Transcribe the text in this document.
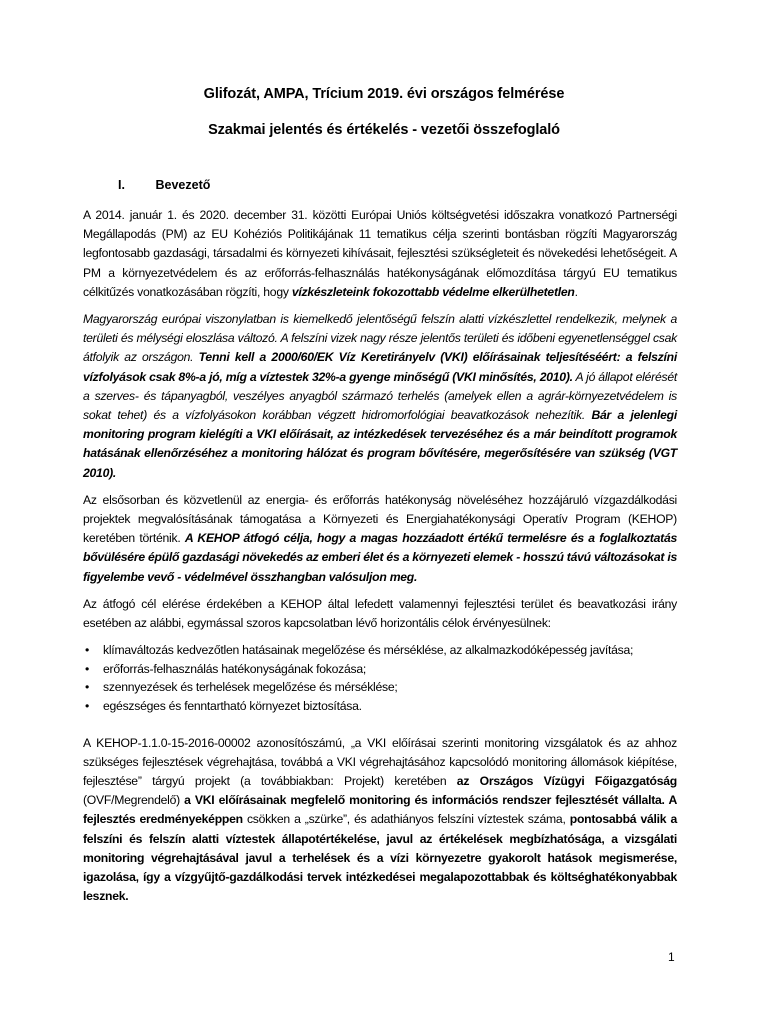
Glifozát, AMPA, Trícium 2019. évi országos felmérése
Szakmai jelentés és értékelés - vezetői összefoglaló
I. Bevezető

A 2014. január 1. és 2020. december 31. közötti Európai Uniós költségvetési időszakra vonatkozó Partnerségi Megállapodás (PM) az EU Kohéziós Politikájának 11 tematikus célja szerinti bontásban rögzíti Magyarország legfontosabb gazdasági, társadalmi és környezeti kihívásait, fejlesztési szükségleteit és növekedési lehetőségeit. A PM a környezetvédelem és az erőforrás-felhasználás hatékonyságának előmozdítása tárgyú EU tematikus célkitűzés vonatkozásában rögzíti, hogy vízkészleteink fokozottabb védelme elkerülhetetlen.

Magyarország európai viszonylatban is kiemelkedő jelentőségű felszín alatti vízkészlettel rendelkezik, melynek a területi és mélységi eloszlása változó. A felszíni vizek nagy része jelentős területi és időbeni egyenetlenséggel csak átfolyik az országon. Tenni kell a 2000/60/EK Víz Keretirányelv (VKI) előírásainak teljesítéséért: a felszíni vízfolyások csak 8%-a jó, míg a víztestek 32%-a gyenge minőségű (VKI minősítés, 2010). A jó állapot elérését a szerves- és tápanyagból, veszélyes anyagból származó terhelés (amelyek ellen a agrár-környezetvédelem is sokat tehet) és a vízfolyásokon korábban végzett hidromorfológiai beavatkozások nehezítik. Bár a jelenlegi monitoring program kielégíti a VKI előírásait, az intézkedések tervezéséhez és a már beindított programok hatásának ellenőrzéséhez a monitoring hálózat és program bővítésére, megerősítésére van szükség (VGT 2010).

Az elsősorban és közvetlenül az energia- és erőforrás hatékonyság növeléséhez hozzájáruló vízgazdálkodási projektek megvalósításának támogatása a Környezeti és Energiahatékonysági Operatív Program (KEHOP) keretében történik. A KEHOP átfogó célja, hogy a magas hozzáadott értékű termelésre és a foglalkoztatás bővülésére épülő gazdasági növekedés az emberi élet és a környezeti elemek - hosszú távú változásokat is figyelembe vevő - védelmével összhangban valósuljon meg.

Az átfogó cél elérése érdekében a KEHOP által lefedett valamennyi fejlesztési terület és beavatkozási irány esetében az alábbi, egymással szoros kapcsolatban lévő horizontális célok érvényesülnek:

• klímaváltozás kedvezőtlen hatásainak megelőzése és mérséklése, az alkalmazkodóképesség javítása;
• erőforrás-felhasználás hatékonyságának fokozása;
• szennyezések és terhelések megelőzése és mérséklése;
• egészséges és fenntartható környezet biztosítása.

A KEHOP-1.1.0-15-2016-00002 azonosítószámú, „a VKI előírásai szerinti monitoring vizsgálatok és az ahhoz szükséges fejlesztések végrehajtása, továbbá a VKI végrehajtásához kapcsolódó monitoring állomások kiépítése, fejlesztése” tárgyú projekt (a továbbiakban: Projekt) keretében az Országos Vízügyi Főigazgatóság (OVF/Megrendelő) a VKI előírásainak megfelelő monitoring és információs rendszer fejlesztését vállalta. A fejlesztés eredményeképpen csökken a „szürke”, és adathiányos felszíni víztestek száma, pontosabbá válik a felszíni és felszín alatti víztestek állapotértékelése, javul az értékelések megbízhatósága, a vizsgálati monitoring végrehajtásával javul a terhelések és a vízi környezetre gyakorolt hatások megismerése, igazolása, így a vízgyűjtő-gazdálkodási tervek intézkedései megalapozottabbak és költséghatékonyabbak lesznek.

1
